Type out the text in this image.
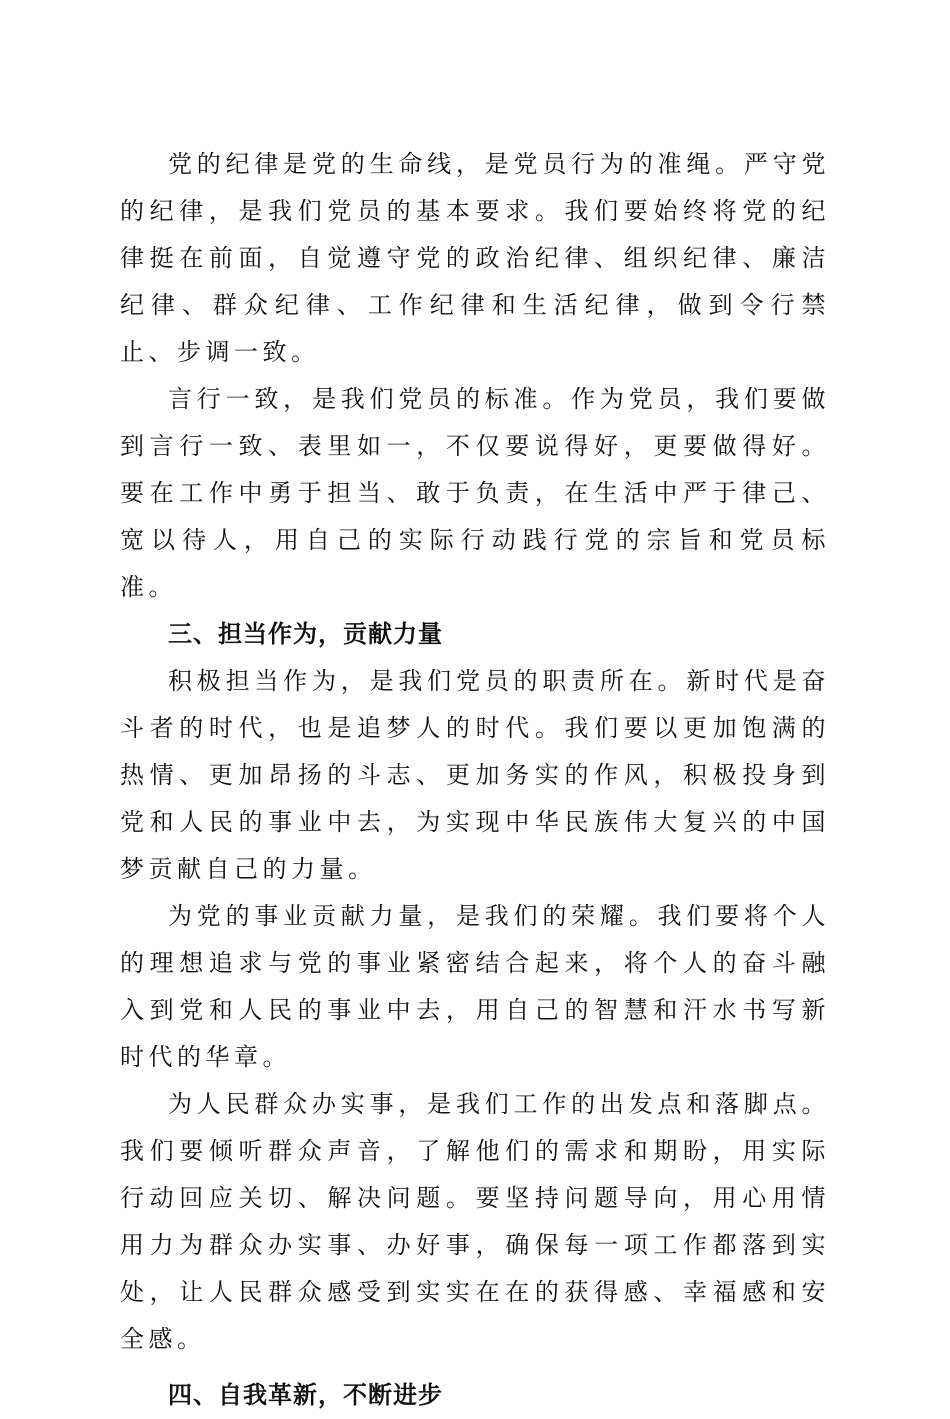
党的纪律是党的生命线，是党员行为的准绳。严守党的纪律，是我们党员的基本要求。我们要始终将党的纪律挺在前面，自觉遵守党的政治纪律、组织纪律、廉洁纪律、群众纪律、工作纪律和生活纪律，做到令行禁止、步调一致。

言行一致，是我们党员的标准。作为党员，我们要做到言行一致、表里如一，不仅要说得好，更要做得好。要在工作中勇于担当、敢于负责，在生活中严于律己、宽以待人，用自己的实际行动践行党的宗旨和党员标准。

三、担当作为，贡献力量

积极担当作为，是我们党员的职责所在。新时代是奋斗者的时代，也是追梦人的时代。我们要以更加饱满的热情、更加昂扬的斗志、更加务实的作风，积极投身到党和人民的事业中去，为实现中华民族伟大复兴的中国梦贡献自己的力量。

为党的事业贡献力量，是我们的荣耀。我们要将个人的理想追求与党的事业紧密结合起来，将个人的奋斗融入到党和人民的事业中去，用自己的智慧和汗水书写新时代的华章。

为人民群众办实事，是我们工作的出发点和落脚点。我们要倾听群众声音，了解他们的需求和期盼，用实际行动回应关切、解决问题。要坚持问题导向，用心用情用力为群众办实事、办好事，确保每一项工作都落到实处，让人民群众感受到实实在在的获得感、幸福感和安全感。

四、自我革新，不断进步
